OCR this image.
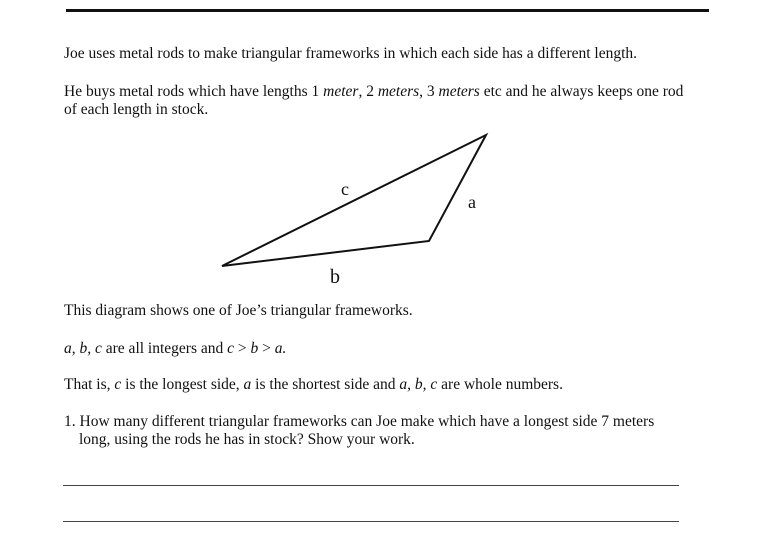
Joe uses metal rods to make triangular frameworks in which each side has a different length.

He buys metal rods which have lengths 1 meter, 2 meters, 3 meters etc and he always keeps one rod

of each length in stock.

c
a
b

This diagram shows one of Joe’s triangular frameworks.

a, b, c are all integers and c > b > a.

That is, c is the longest side, a is the shortest side and a, b, c are whole numbers.

1. How many different triangular frameworks can Joe make which have a longest side 7 meters

long, using the rods he has in stock? Show your work.
